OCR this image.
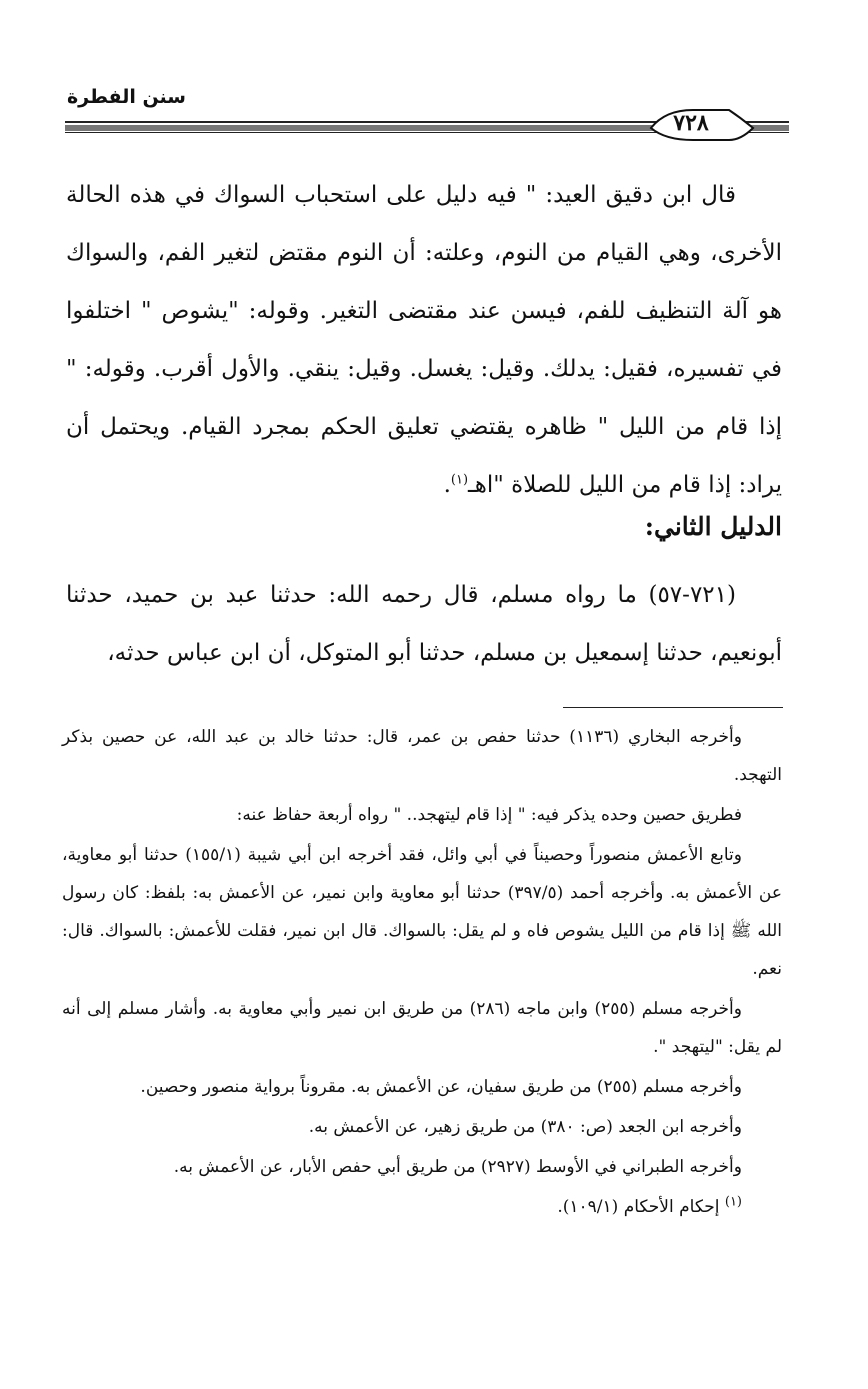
سنن الفطرة
٧٢٨

قال ابن دقيق العيد: " فيه دليل على استحباب السواك في هذه الحالة الأخرى، وهي القيام من النوم، وعلته: أن النوم مقتض لتغير الفم، والسواك هو آلة التنظيف للفم، فيسن عند مقتضى التغير. وقوله: "يشوص " اختلفوا في تفسيره، فقيل: يدلك. وقيل: يغسل. وقيل: ينقي. والأول أقرب. وقوله: " إذا قام من الليل " ظاهره يقتضي تعليق الحكم بمجرد القيام. ويحتمل أن يراد: إذا قام من الليل للصلاة "اهـ$^{(١)}$.

الدليل الثاني:

(٧٢١-٥٧) ما رواه مسلم، قال رحمه الله: حدثنا عبد بن حميد، حدثنا أبونعيم، حدثنا إسمعيل بن مسلم، حدثنا أبو المتوكل، أن ابن عباس حدثه،

وأخرجه البخاري (١١٣٦) حدثنا حفص بن عمر، قال: حدثنا خالد بن عبد الله، عن حصين بذكر التهجد.

فطريق حصين وحده يذكر فيه: " إذا قام ليتهجد.. " رواه أربعة حفاظ عنه:

وتابع الأعمش منصوراً وحصيناً في أبي وائل، فقد أخرجه ابن أبي شيبة (١٥٥/١) حدثنا أبو معاوية، عن الأعمش به. وأخرجه أحمد (٣٩٧/٥) حدثنا أبو معاوية وابن نمير، عن الأعمش به: بلفظ: كان رسول الله ﷺ إذا قام من الليل يشوص فاه و لم يقل: بالسواك. قال ابن نمير، فقلت للأعمش: بالسواك. قال: نعم.

وأخرجه مسلم (٢٥٥) وابن ماجه (٢٨٦) من طريق ابن نمير وأبي معاوية به. وأشار مسلم إلى أنه لم يقل: "ليتهجد ".

وأخرجه مسلم (٢٥٥) من طريق سفيان، عن الأعمش به. مقروناً برواية منصور وحصين.

وأخرجه ابن الجعد (ص: ٣٨٠) من طريق زهير، عن الأعمش به.

وأخرجه الطبراني في الأوسط (٢٩٢٧) من طريق أبي حفص الأبار، عن الأعمش به.

$^{(١)}$ إحكام الأحكام (١٠٩/١).
